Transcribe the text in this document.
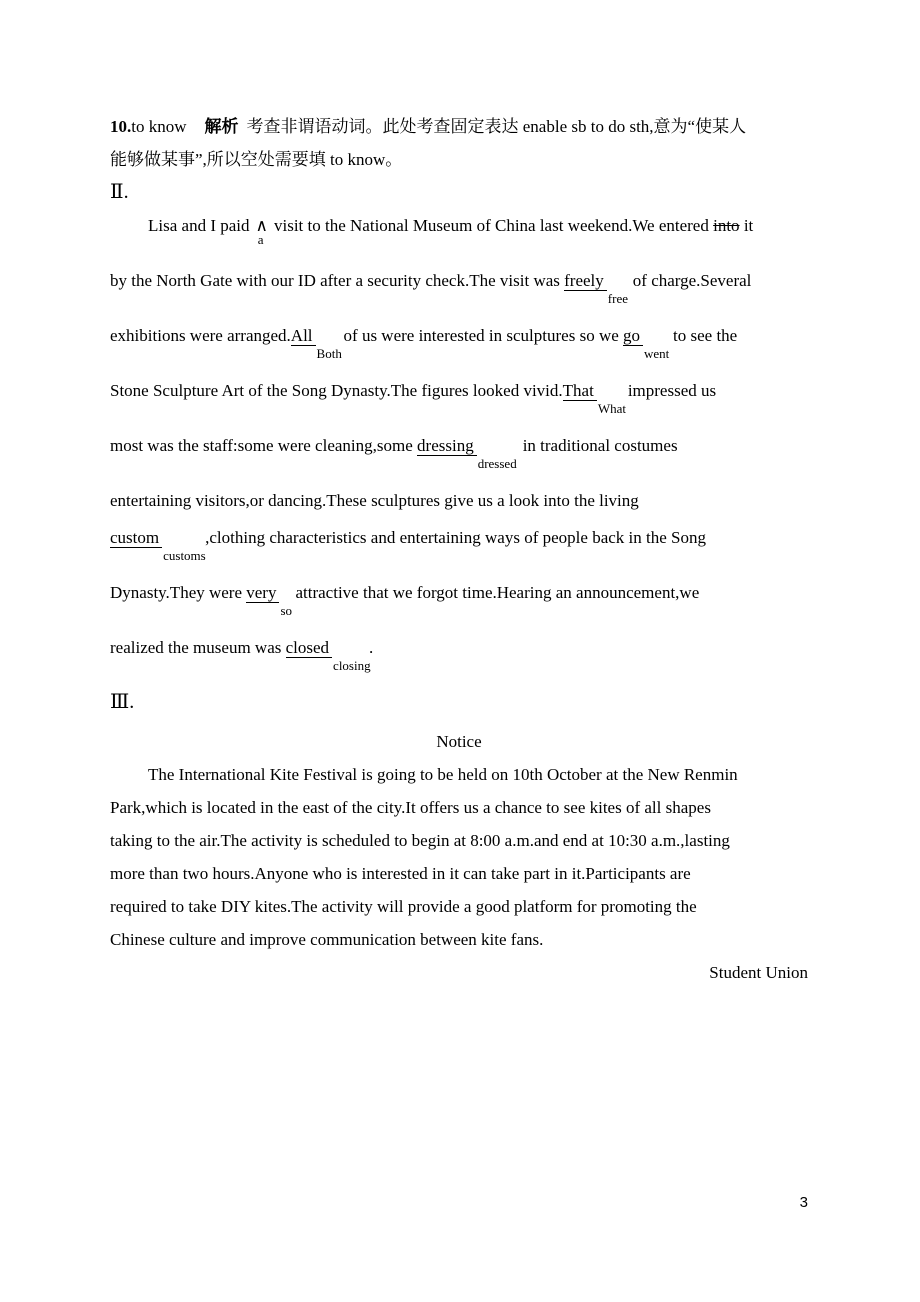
10.to know 解析 考查非谓语动词。此处考查固定表达 enable sb to do sth,意为“使某人
能够做某事”,所以空处需要填 to know。
Ⅱ.
Lisa and I paid ∧
a
visit to the National Museum of China last weekend.We entered into it
by the North Gate with our ID after a security check.The visit was freely
free
of charge.Several
exhibitions were arranged.All
Both
of us were interested in sculptures so we go
went
to see the
Stone Sculpture Art of the Song Dynasty.The figures looked vivid.That
What
impressed us
most was the staff:some were cleaning,some dressing
dressed
in traditional costumes
entertaining visitors,or dancing.These sculptures give us a look into the living
custom
customs
,clothing characteristics and entertaining ways of people back in the Song
Dynasty.They were very
so
attractive that we forgot time.Hearing an announcement,we
realized the museum was closed
closing
.
Ⅲ.
Notice
The International Kite Festival is going to be held on 10th October at the New Renmin
Park,which is located in the east of the city.It offers us a chance to see kites of all shapes
taking to the air.The activity is scheduled to begin at 8:00 a.m.and end at 10:30 a.m.,lasting
more than two hours.Anyone who is interested in it can take part in it.Participants are
required to take DIY kites.The activity will provide a good platform for promoting the
Chinese culture and improve communication between kite fans.
Student Union
3
